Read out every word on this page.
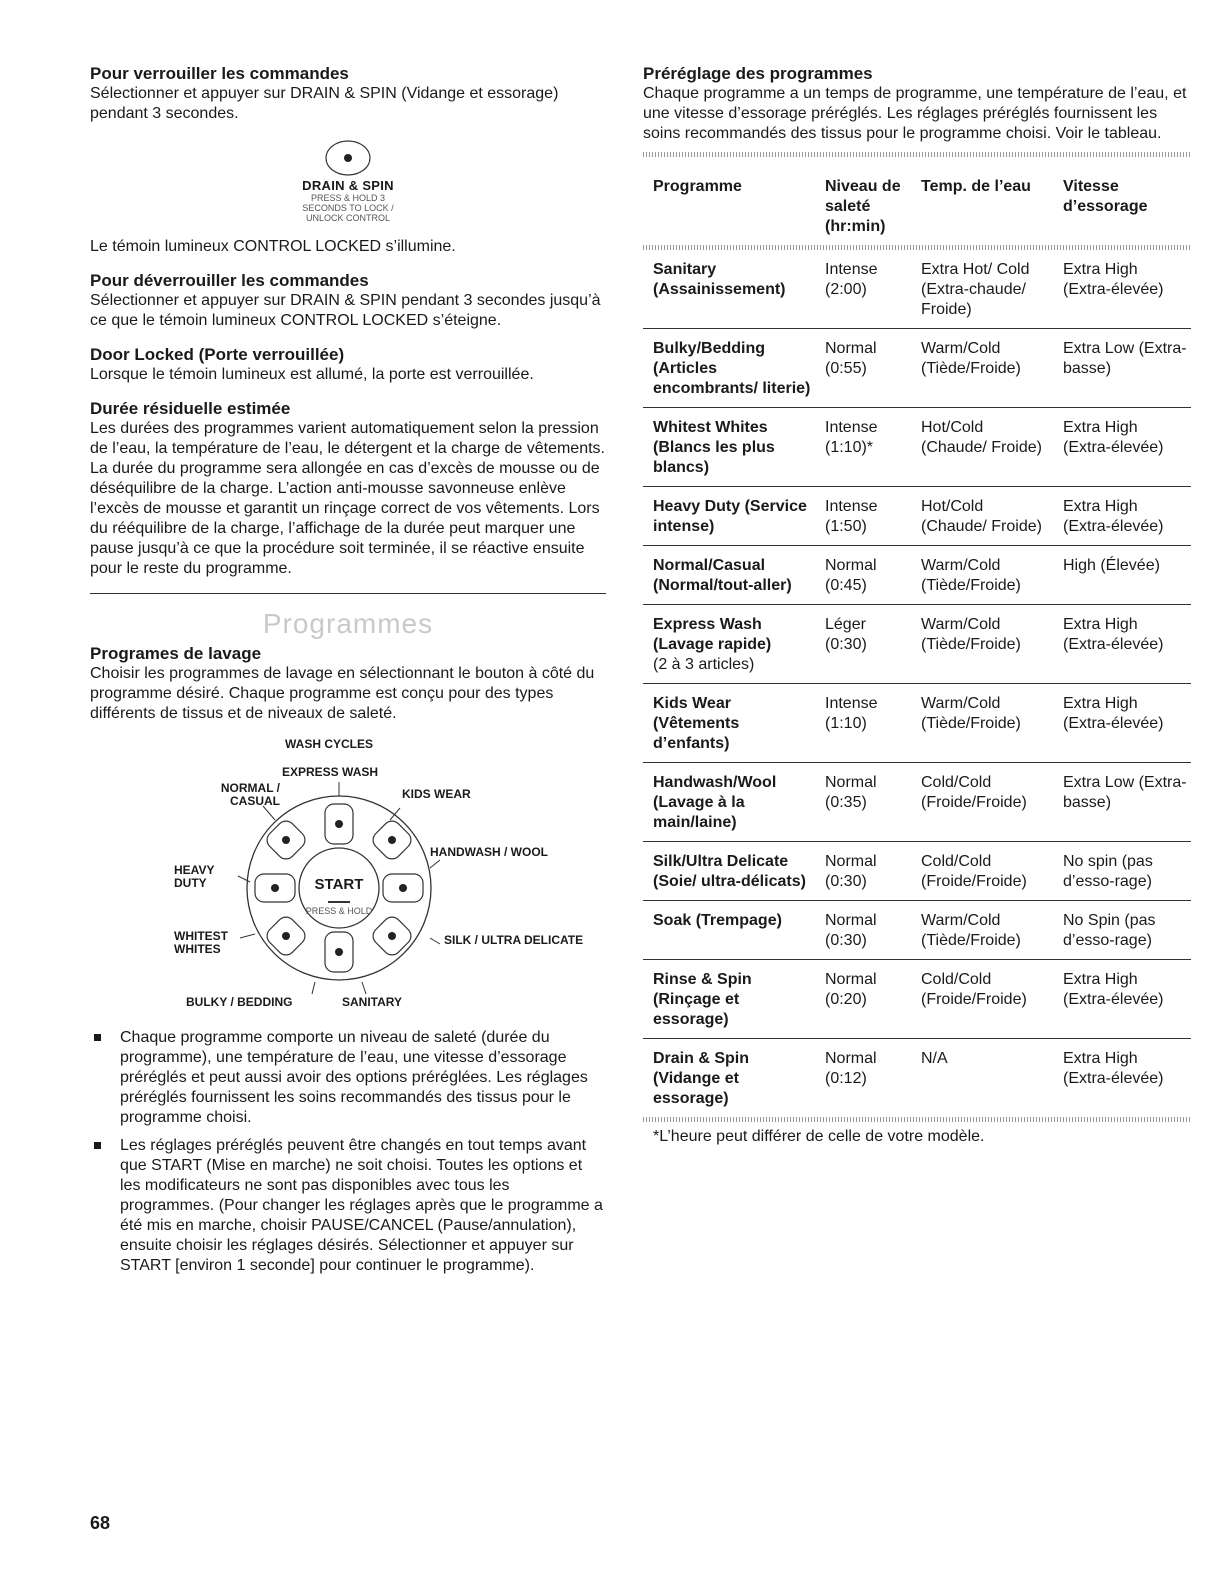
Pour verrouiller les commandes

Sélectionner et appuyer sur DRAIN & SPIN (Vidange et essorage) pendant 3 secondes.

DRAIN & SPIN
PRESS & HOLD 3
SECONDS TO LOCK /
UNLOCK CONTROL

Le témoin lumineux CONTROL LOCKED s’illumine.

Pour déverrouiller les commandes

Sélectionner et appuyer sur DRAIN & SPIN pendant 3 secondes jusqu’à ce que le témoin lumineux CONTROL LOCKED s’éteigne.

Door Locked (Porte verrouillée)

Lorsque le témoin lumineux est allumé, la porte est verrouillée.

Durée résiduelle estimée

Les durées des programmes varient automatiquement selon la pression de l’eau, la température de l’eau, le détergent et la charge de vêtements. La durée du programme sera allongée en cas d’excès de mousse ou de déséquilibre de la charge. L’action anti-mousse savonneuse enlève l’excès de mousse et garantit un rinçage correct de vos vêtements. Lors du rééquilibre de la charge, l’affichage de la durée peut marquer une pause jusqu’à ce que la procédure soit terminée, il se réactive ensuite pour le reste du programme.

Programmes
Programes de lavage

Choisir les programmes de lavage en sélectionnant le bouton à côté du programme désiré. Chaque programme est conçu pour des types différents de tissus et de niveaux de saleté.

WASH CYCLES
EXPRESS WASH
NORMAL / CASUAL	KIDS WEAR
HANDWASH / WOOL
HEAVY DUTY
WHITEST WHITES
SILK / ULTRA DELICATE
BULKY / BEDDING	SANITARY
START
PRESS & HOLD
Chaque programme comporte un niveau de saleté (durée du programme), une température de l’eau, une vitesse d’essorage préréglés et peut aussi avoir des options préréglées. Les réglages préréglés fournissent les soins recommandés des tissus pour le programme choisi.
Les réglages préréglés peuvent être changés en tout temps avant que START (Mise en marche) ne soit choisi. Toutes les options et les modificateurs ne sont pas disponibles avec tous les programmes. (Pour changer les réglages après que le programme a été mis en marche, choisir PAUSE/CANCEL (Pause/annulation), ensuite choisir les réglages désirés. Sélectionner et appuyer sur START [environ 1 seconde] pour continuer le programme).
Préréglage des programmes

Chaque programme a un temps de programme, une température de l’eau, et une vitesse d’essorage préréglés. Les réglages préréglés fournissent les soins recommandés des tissus pour le programme choisi. Voir le tableau.

Programme	Niveau de saleté (hr:min)	Temp. de l’eau	Vitesse d’essorage

Sanitary (Assainissement)	Intense (2:00)	Extra Hot/ Cold (Extra-chaude/ Froide)	Extra High (Extra-élevée)
Bulky/Bedding (Articles encombrants/ literie)	Normal (0:55)	Warm/Cold (Tiède/Froide)	Extra Low (Extra-basse)
Whitest Whites (Blancs les plus blancs)	Intense (1:10)*	Hot/Cold (Chaude/ Froide)	Extra High (Extra-élevée)
Heavy Duty (Service intense)	Intense (1:50)	Hot/Cold (Chaude/ Froide)	Extra High (Extra-élevée)
Normal/Casual (Normal/tout-aller)	Normal (0:45)	Warm/Cold (Tiède/Froide)	High (Élevée)
Express Wash (Lavage rapide)
(2 à 3 articles)	Léger (0:30)	Warm/Cold (Tiède/Froide)	Extra High (Extra-élevée)
Kids Wear (Vêtements d’enfants)	Intense (1:10)	Warm/Cold (Tiède/Froide)	Extra High (Extra-élevée)
Handwash/Wool (Lavage à la main/laine)	Normal (0:35)	Cold/Cold (Froide/Froide)	Extra Low (Extra-basse)
Silk/Ultra Delicate (Soie/ ultra-délicats)	Normal (0:30)	Cold/Cold (Froide/Froide)	No spin (pas d’esso-rage)
Soak (Trempage)	Normal (0:30)	Warm/Cold (Tiède/Froide)	No Spin (pas d’esso-rage)
Rinse & Spin (Rinçage et essorage)	Normal (0:20)	Cold/Cold (Froide/Froide)	Extra High (Extra-élevée)
Drain & Spin (Vidange et essorage)	Normal (0:12)	N/A	Extra High (Extra-élevée)
*L’heure peut différer de celle de votre modèle.
68
